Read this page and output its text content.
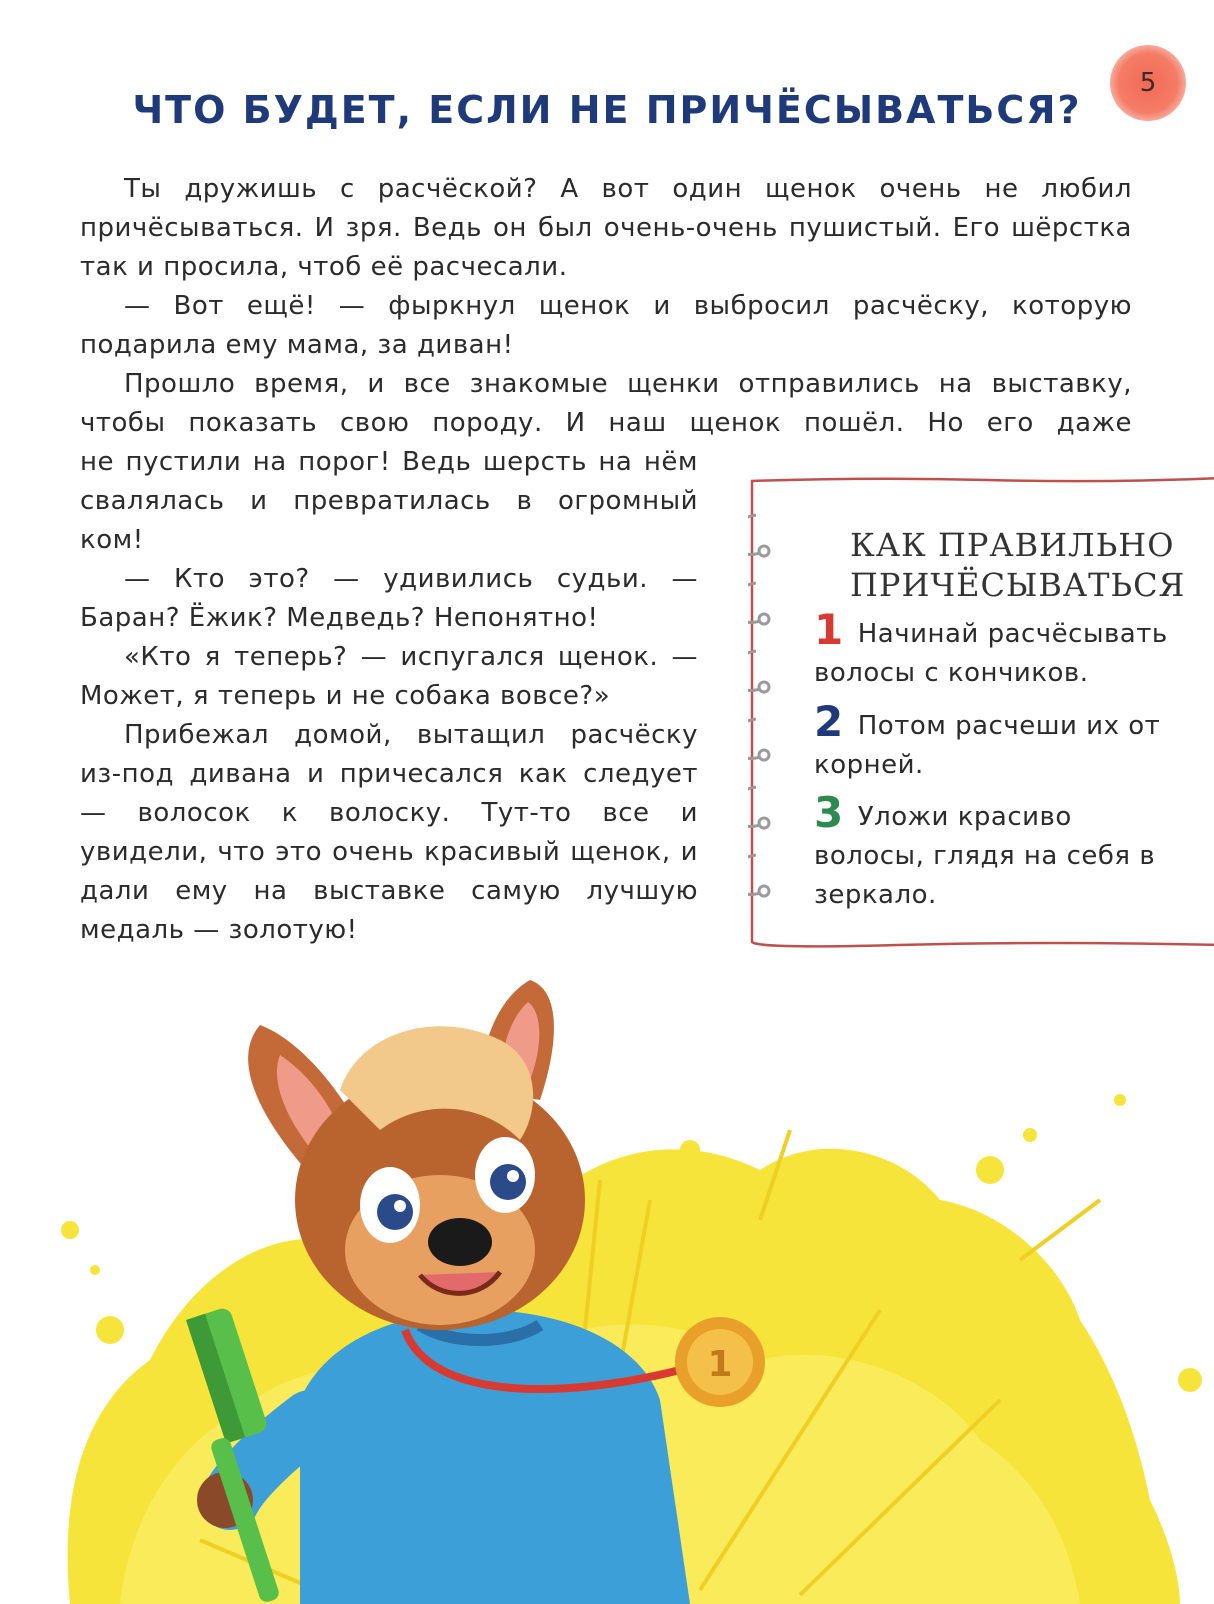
5
ЧТО БУДЕТ, ЕСЛИ НЕ ПРИЧЁСЫВАТЬСЯ?

Ты дружишь с расчёской? А вот один щенок очень не любил причёсываться. И зря. Ведь он был очень-очень пушистый. Его шёрстка так и просила, чтоб её расчесали.

— Вот ещё! — фыркнул щенок и выбросил расчёску, которую подарила ему мама, за диван!

Прошло время, и все знакомые щенки отправились на выставку, чтобы показать свою породу. И наш щенок пошёл. Но его даже

не пустили на порог! Ведь шерсть на нём свалялась и превратилась в огромный ком!

— Кто это? — удивились судьи. — Баран? Ёжик? Медведь? Непонятно!

«Кто я теперь? — испугался щенок. — Может, я теперь и не собака вовсе?»

Прибежал домой, вытащил расчёску из-под дивана и причесался как следует — волосок к волоску. Тут-то все и увидели, что это очень красивый щенок, и дали ему на выставке самую лучшую медаль — золотую!

КАК ПРАВИЛЬНО
ПРИЧЁСЫВАТЬСЯ
1 Начинай расчёсывать волосы с кончиков.
2 Потом расчеши их от корней.
3 Уложи красиво волосы, глядя на себя в зеркало.
1
